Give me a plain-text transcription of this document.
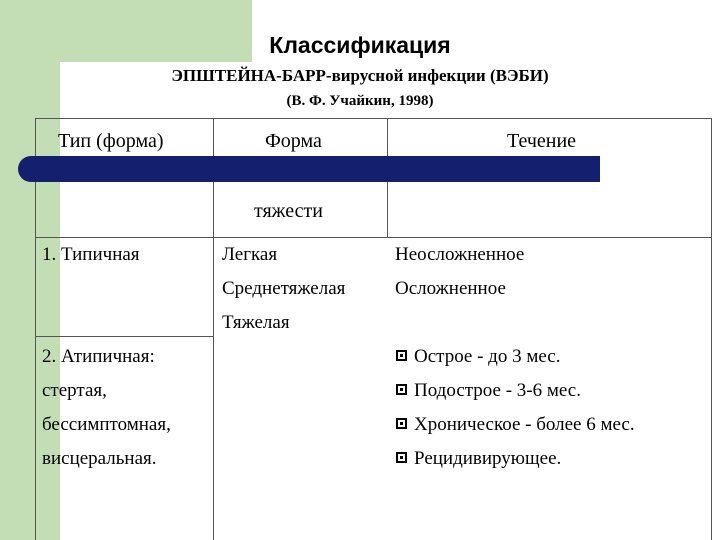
Классификация
ЭПШТЕЙНА-БАРР-вирусной инфекции (ВЭБИ)
(В. Ф. Учайкин, 1998)
Тип (форма)	Форма
тяжести
Течение
1. Типичная	Легкая
Среднетяжелая
Тяжелая
Неосложненное
Осложненное
2. Атипичная:
стертая,
бессимптомная,
висцеральная.
Острое - до 3 мес.
Подострое - 3-6 мес.
Хроническое - более 6 мес.
Рецидивирующее.
